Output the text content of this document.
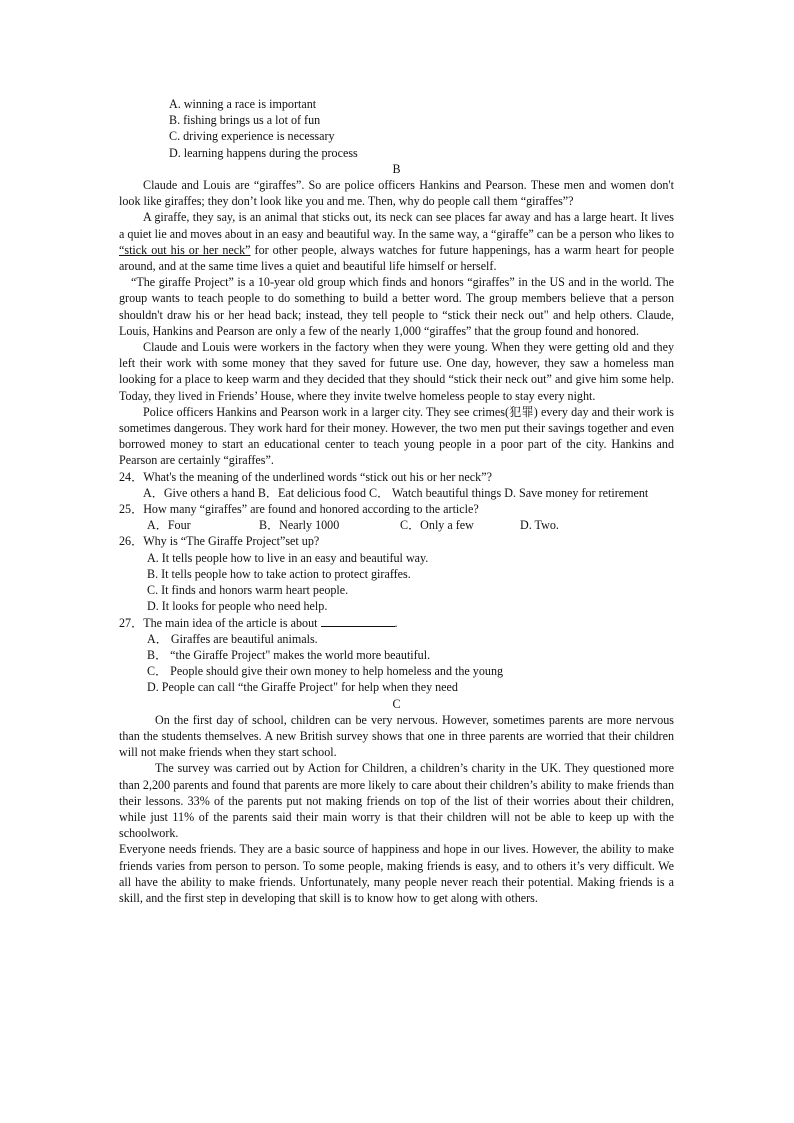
A. winning a race is important

B. fishing brings us a lot of fun

C. driving experience is necessary

D. learning happens during the process

B

Claude and Louis are “giraffes”. So are police officers Hankins and Pearson. These men and women don't look like giraffes; they don’t look like you and me. Then, why do people call them “giraffes”?

A giraffe, they say, is an animal that sticks out, its neck can see places far away and has a large heart. It lives a quiet lie and moves about in an easy and beautiful way. In the same way, a “giraffe” can be a person who likes to “stick out his or her neck” for other people, always watches for future happenings, has a warm heart for people around, and at the same time lives a quiet and beautiful life himself or herself.

“The giraffe Project” is a 10-year old group which finds and honors “giraffes” in the US and in the world. The group wants to teach people to do something to build a better word. The group members believe that a person shouldn't draw his or her head back; instead, they tell people to “stick their neck out" and help others. Claude, Louis, Hankins and Pearson are only a few of the nearly 1,000 “giraffes” that the group found and honored.

Claude and Louis were workers in the factory when they were young. When they were getting old and they left their work with some money that they saved for future use. One day, however, they saw a homeless man looking for a place to keep warm and they decided that they should “stick their neck out” and give him some help. Today, they lived in Friends’ House, where they invite twelve homeless people to stay every night.

Police officers Hankins and Pearson work in a larger city. They see crimes(犯罪) every day and their work is sometimes dangerous. They work hard for their money. However, the two men put their savings together and even borrowed money to start an educational center to teach young people in a poor part of the city. Hankins and Pearson are certainly “giraffes”.

24．What's the meaning of the underlined words “stick out his or her neck”?

A．Give others a hand B．Eat delicious food C． Watch beautiful things D. Save money for retirement

25．How many “giraffes” are found and honored according to the article?

A．Four	B．Nearly 1000	C．Only a few	D. Two.

26．Why is “The Giraffe Project”set up?

A. It tells people how to live in an easy and beautiful way.

B. It tells people how to take action to protect giraffes.

C. It finds and honors warm heart people.

D. It looks for people who need help.

27．The main idea of the article is about	.

A． Giraffes are beautiful animals.

B． “the Giraffe Project" makes the world more beautiful.

C． People should give their own money to help homeless and the young

D. People can call “the Giraffe Project" for help when they need

C

On the first day of school, children can be very nervous. However, sometimes parents are more nervous than the students themselves. A new British survey shows that one in three parents are worried that their children will not make friends when they start school.

The survey was carried out by Action for Children, a children’s charity in the UK. They questioned more than 2,200 parents and found that parents are more likely to care about their children’s ability to make friends than their lessons. 33% of the parents put not making friends on top of the list of their worries about their children, while just 11% of the parents said their main worry is that their children will not be able to keep up with the schoolwork.

Everyone needs friends. They are a basic source of happiness and hope in our lives. However, the ability to make friends varies from person to person. To some people, making friends is easy, and to others it’s very difficult. We all have the ability to make friends. Unfortunately, many people never reach their potential. Making friends is a skill, and the first step in developing that skill is to know how to get along with others.
